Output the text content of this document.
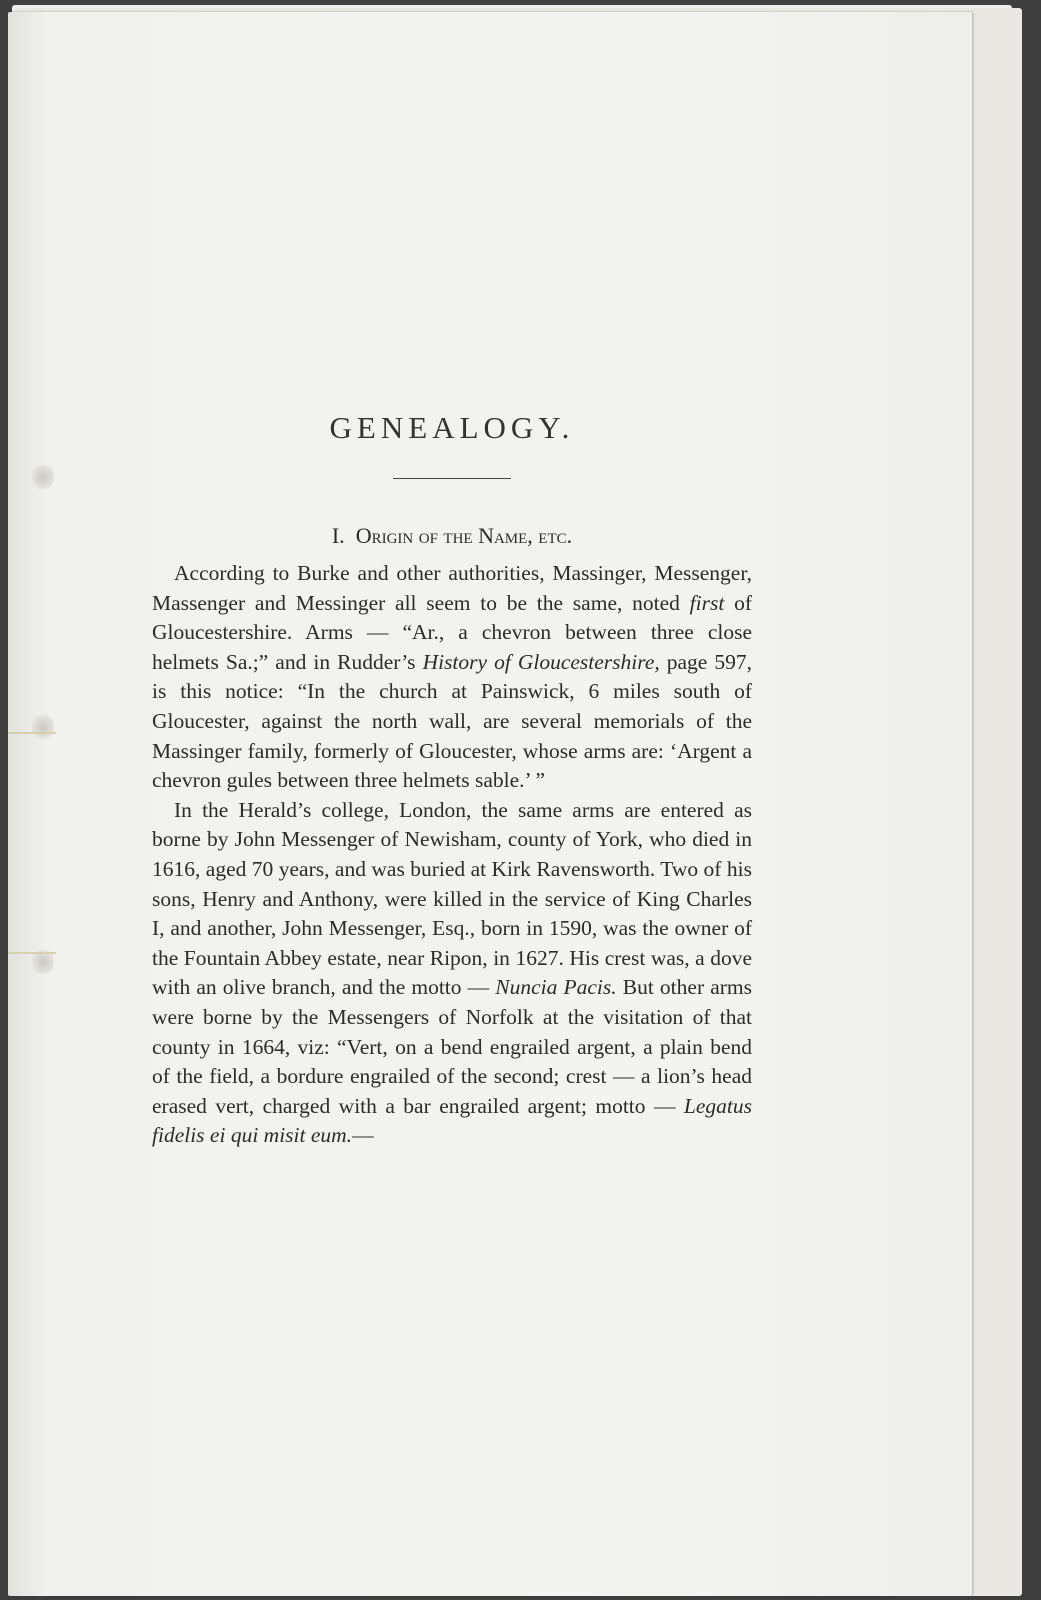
GENEALOGY.
I. Origin of the Name, etc.

According to Burke and other authorities, Massinger, Messenger, Massenger and Messinger all seem to be the same, noted first of Gloucestershire. Arms — “Ar., a chevron between three close helmets Sa.;” and in Rudder’s History of Gloucestershire, page 597, is this notice: “In the church at Painswick, 6 miles south of Gloucester, against the north wall, are several memorials of the Massinger family, formerly of Gloucester, whose arms are: ‘Argent a chevron gules between three helmets sable.’ ”

In the Herald’s college, London, the same arms are entered as borne by John Messenger of Newisham, county of York, who died in 1616, aged 70 years, and was buried at Kirk Ravensworth. Two of his sons, Henry and Anthony, were killed in the service of King Charles I, and another, John Messenger, Esq., born in 1590, was the owner of the Fountain Abbey estate, near Ripon, in 1627. His crest was, a dove with an olive branch, and the motto — Nuncia Pacis. But other arms were borne by the Messengers of Norfolk at the visitation of that county in 1664, viz: “Vert, on a bend engrailed argent, a plain bend of the field, a bordure engrailed of the second; crest — a lion’s head erased vert, charged with a bar engrailed argent; motto — Legatus fidelis ei qui misit eum.—
